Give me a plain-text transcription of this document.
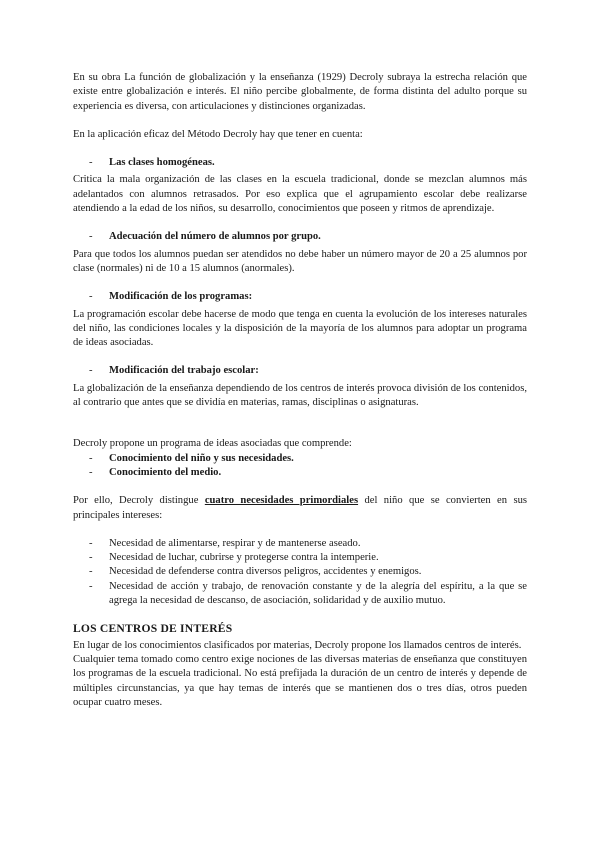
En su obra La función de globalización y la enseñanza (1929) Decroly subraya la estrecha relación que existe entre globalización e interés. El niño percibe globalmente, de forma distinta del adulto porque su experiencia es diversa, con articulaciones y distinciones organizadas.

En la aplicación eficaz del Método Decroly hay que tener en cuenta:

- Las clases homogéneas.

Critica la mala organización de las clases en la escuela tradicional, donde se mezclan alumnos más adelantados con alumnos retrasados. Por eso explica que el agrupamiento escolar debe realizarse atendiendo a la edad de los niños, su desarrollo, conocimientos que poseen y ritmos de aprendizaje.

- Adecuación del número de alumnos por grupo.

Para que todos los alumnos puedan ser atendidos no debe haber un número mayor de 20 a 25 alumnos por clase (normales) ni de 10 a 15 alumnos (anormales).

- Modificación de los programas:

La programación escolar debe hacerse de modo que tenga en cuenta la evolución de los intereses naturales del niño, las condiciones locales y la disposición de la mayoría de los alumnos para adoptar un programa de ideas asociadas.

- Modificación del trabajo escolar:

La globalización de la enseñanza dependiendo de los centros de interés provoca división de los contenidos, al contrario que antes que se dividía en materias, ramas, disciplinas o asignaturas.

Decroly propone un programa de ideas asociadas que comprende:

- Conocimiento del niño y sus necesidades.
- Conocimiento del medio.

Por ello, Decroly distingue cuatro necesidades primordiales del niño que se convierten en sus principales intereses:

- Necesidad de alimentarse, respirar y de mantenerse aseado.
- Necesidad de luchar, cubrirse y protegerse contra la intemperie.
- Necesidad de defenderse contra diversos peligros, accidentes y enemigos.
- Necesidad de acción y trabajo, de renovación constante y de la alegría del espíritu, a la que se agrega la necesidad de descanso, de asociación, solidaridad y de auxilio mutuo.
LOS CENTROS DE INTERÉS

En lugar de los conocimientos clasificados por materias, Decroly propone los llamados centros de interés.

Cualquier tema tomado como centro exige nociones de las diversas materias de enseñanza que constituyen los programas de la escuela tradicional. No está prefijada la duración de un centro de interés y depende de múltiples circunstancias, ya que hay temas de interés que se mantienen dos o tres días, otros pueden ocupar cuatro meses.
